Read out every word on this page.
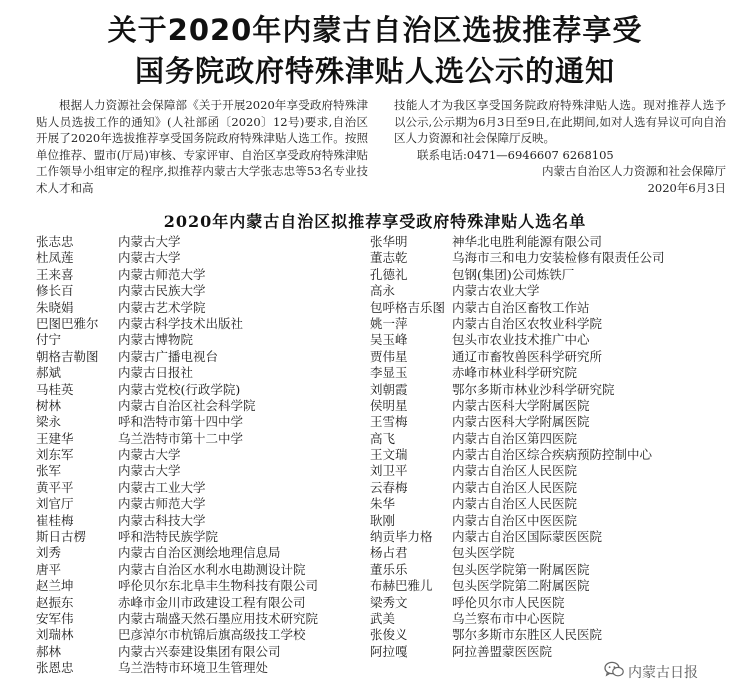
关于2020年内蒙古自治区选拔推荐享受
国务院政府特殊津贴人选公示的通知
根据人力资源社会保障部《关于开展2020年享受政府特殊津贴人员选拔工作的通知》(人社部函〔2020〕12号)要求,自治区开展了2020年选拔推荐享受国务院政府特殊津贴人选工作。按照单位推荐、盟市(厅局)审核、专家评审、自治区享受政府特殊津贴工作领导小组审定的程序,拟推荐内蒙古大学张志忠等53名专业技术人才和高

技能人才为我区享受国务院政府特殊津贴人选。现对推荐人选予以公示,公示期为6月3日至9日,在此期间,如对人选有异议可向自治区人力资源和社会保障厅反映。

联系电话:0471—6946607 6268105
内蒙古自治区人力资源和社会保障厅
2020年6月3日
2020年内蒙古自治区拟推荐享受政府特殊津贴人选名单
张志忠	内蒙古大学
杜凤莲	内蒙古大学
王来喜	内蒙古师范大学
修长百	内蒙古民族大学
朱晓娟	内蒙古艺术学院
巴图巴雅尔	内蒙古科学技术出版社
付宁	内蒙古博物院
朝格吉勒图	内蒙古广播电视台
郝斌	内蒙古日报社
马桂英	内蒙古党校(行政学院)
树林	内蒙古自治区社会科学院
梁永	呼和浩特市第十四中学
王建华	乌兰浩特市第十二中学
刘东军	内蒙古大学
张军	内蒙古大学
黄平平	内蒙古工业大学
刘官厅	内蒙古师范大学
崔桂梅	内蒙古科技大学
斯日古楞	呼和浩特民族学院
刘秀	内蒙古自治区测绘地理信息局
唐平	内蒙古自治区水利水电勘测设计院
赵兰坤	呼伦贝尔东北阜丰生物科技有限公司
赵振东	赤峰市金川市政建设工程有限公司
安军伟	内蒙古瑞盛天然石墨应用技术研究院
刘瑞林	巴彦淖尔市杭锦后旗高级技工学校
郝林	内蒙古兴泰建设集团有限公司
张恩忠	乌兰浩特市环境卫生管理处
张华明	神华北电胜利能源有限公司
董志乾	乌海市三和电力安装检修有限责任公司
孔德礼	包钢(集团)公司炼铁厂
高永	内蒙古农业大学
包呼格吉乐图 内蒙古自治区畜牧工作站
姚一萍	内蒙古自治区农牧业科学院
吴玉峰	包头市农业技术推广中心
贾伟星	通辽市畜牧兽医科学研究所
李显玉	赤峰市林业科学研究院
刘朝霞	鄂尔多斯市林业沙科学研究院
侯明星	内蒙古医科大学附属医院
王雪梅	内蒙古医科大学附属医院
高飞	内蒙古自治区第四医院
王文瑞	内蒙古自治区综合疾病预防控制中心
刘卫平	内蒙古自治区人民医院
云春梅	内蒙古自治区人民医院
朱华	内蒙古自治区人民医院
耿刚	内蒙古自治区中医医院
纳贡毕力格	内蒙古自治区国际蒙医医院
杨占君	包头医学院
董乐乐	包头医学院第一附属医院
布赫巴雅儿	包头医学院第二附属医院
梁秀文	呼伦贝尔市人民医院
武美	乌兰察布市中心医院
张俊义	鄂尔多斯市东胜区人民医院
阿拉嘎	阿拉善盟蒙医医院
内蒙古日报
